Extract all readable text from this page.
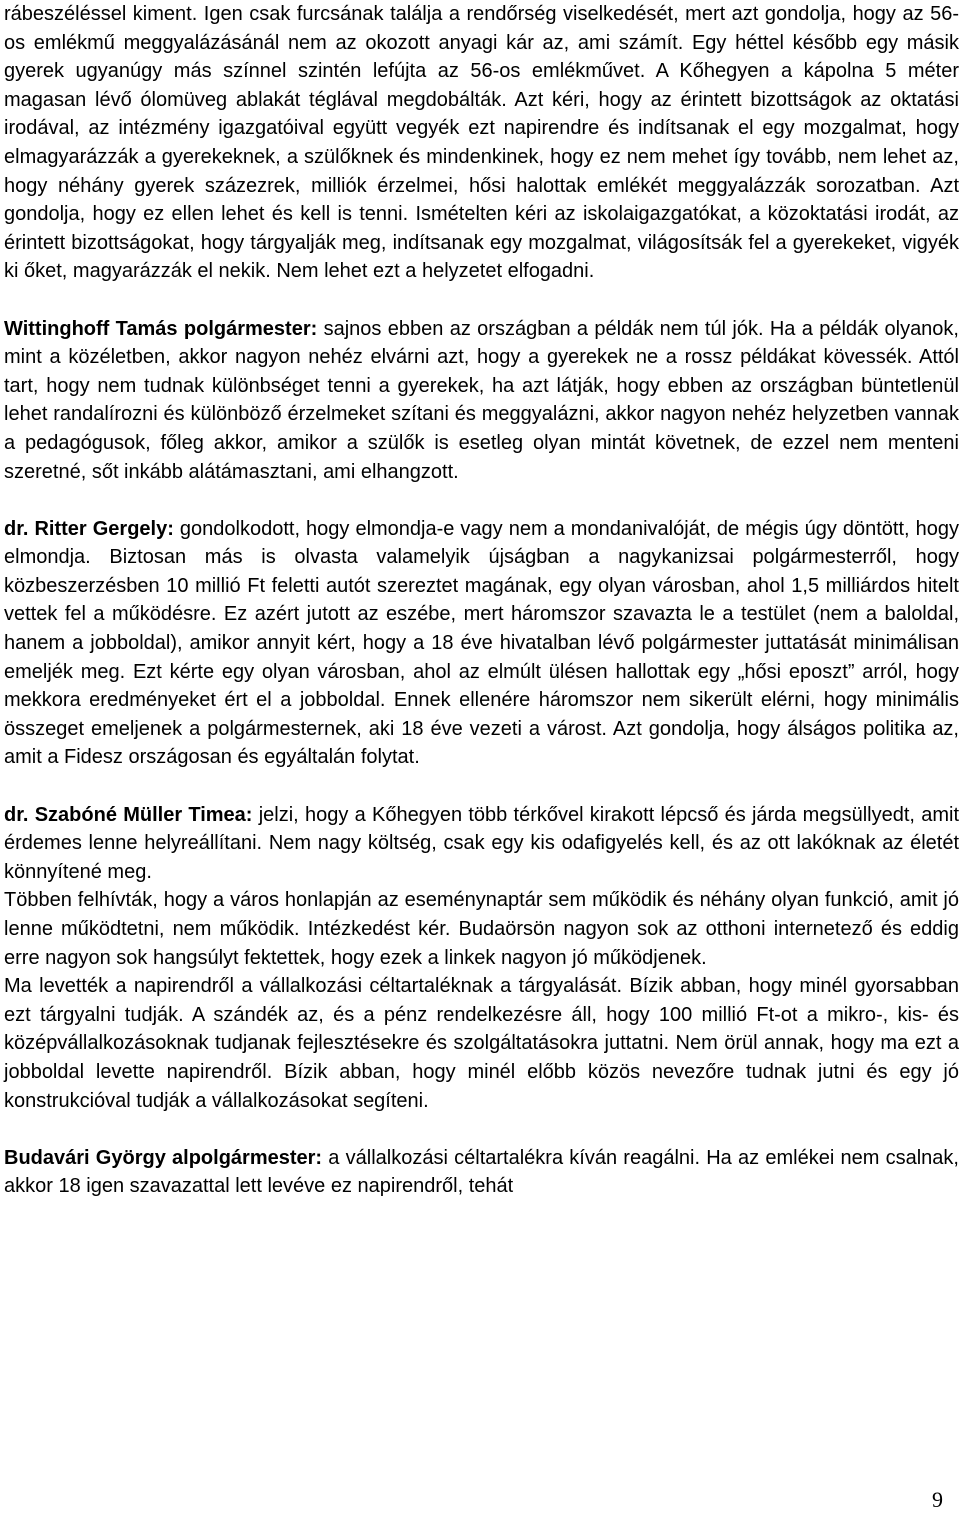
rábeszéléssel kiment. Igen csak furcsának találja a rendőrség viselkedését, mert azt gondolja, hogy az 56-os emlékmű meggyalázásánál nem az okozott anyagi kár az, ami számít. Egy héttel később egy másik gyerek ugyanúgy más színnel szintén lefújta az 56-os emlékművet. A Kőhegyen a kápolna 5 méter magasan lévő ólomüveg ablakát téglával megdobálták. Azt kéri, hogy az érintett bizottságok az oktatási irodával, az intézmény igazgatóival együtt vegyék ezt napirendre és indítsanak el egy mozgalmat, hogy elmagyarázzák a gyerekeknek, a szülőknek és mindenkinek, hogy ez nem mehet így tovább, nem lehet az, hogy néhány gyerek százezrek, milliók érzelmei, hősi halottak emlékét meggyalázzák sorozatban. Azt gondolja, hogy ez ellen lehet és kell is tenni. Ismételten kéri az iskolaigazgatókat, a közoktatási irodát, az érintett bizottságokat, hogy tárgyalják meg, indítsanak egy mozgalmat, világosítsák fel a gyerekeket, vigyék ki őket, magyarázzák el nekik. Nem lehet ezt a helyzetet elfogadni.

Wittinghoff Tamás polgármester: sajnos ebben az országban a példák nem túl jók. Ha a példák olyanok, mint a közéletben, akkor nagyon nehéz elvárni azt, hogy a gyerekek ne a rossz példákat kövessék. Attól tart, hogy nem tudnak különbséget tenni a gyerekek, ha azt látják, hogy ebben az országban büntetlenül lehet randalírozni és különböző érzelmeket szítani és meggyalázni, akkor nagyon nehéz helyzetben vannak a pedagógusok, főleg akkor, amikor a szülők is esetleg olyan mintát követnek, de ezzel nem menteni szeretné, sőt inkább alátámasztani, ami elhangzott.

dr. Ritter Gergely: gondolkodott, hogy elmondja-e vagy nem a mondanivalóját, de mégis úgy döntött, hogy elmondja. Biztosan más is olvasta valamelyik újságban a nagykanizsai polgármesterről, hogy közbeszerzésben 10 millió Ft feletti autót szereztet magának, egy olyan városban, ahol 1,5 milliárdos hitelt vettek fel a működésre. Ez azért jutott az eszébe, mert háromszor szavazta le a testület (nem a baloldal, hanem a jobboldal), amikor annyit kért, hogy a 18 éve hivatalban lévő polgármester juttatását minimálisan emeljék meg. Ezt kérte egy olyan városban, ahol az elmúlt ülésen hallottak egy „hősi eposzt” arról, hogy mekkora eredményeket ért el a jobboldal. Ennek ellenére háromszor nem sikerült elérni, hogy minimális összeget emeljenek a polgármesternek, aki 18 éve vezeti a várost. Azt gondolja, hogy álságos politika az, amit a Fidesz országosan és egyáltalán folytat.

dr. Szabóné Müller Timea: jelzi, hogy a Kőhegyen több térkővel kirakott lépcső és járda megsüllyedt, amit érdemes lenne helyreállítani. Nem nagy költség, csak egy kis odafigyelés kell, és az ott lakóknak az életét könnyítené meg.

Többen felhívták, hogy a város honlapján az eseménynaptár sem működik és néhány olyan funkció, amit jó lenne működtetni, nem működik. Intézkedést kér. Budaörsön nagyon sok az otthoni internetező és eddig erre nagyon sok hangsúlyt fektettek, hogy ezek a linkek nagyon jó működjenek.

Ma levették a napirendről a vállalkozási céltartaléknak a tárgyalását. Bízik abban, hogy minél gyorsabban ezt tárgyalni tudják. A szándék az, és a pénz rendelkezésre áll, hogy 100 millió Ft-ot a mikro-, kis- és középvállalkozásoknak tudjanak fejlesztésekre és szolgáltatásokra juttatni. Nem örül annak, hogy ma ezt a jobboldal levette napirendről. Bízik abban, hogy minél előbb közös nevezőre tudnak jutni és egy jó konstrukcióval tudják a vállalkozásokat segíteni.

Budavári György alpolgármester: a vállalkozási céltartalékra kíván reagálni. Ha az emlékei nem csalnak, akkor 18 igen szavazattal lett levéve ez napirendről, tehát

9
